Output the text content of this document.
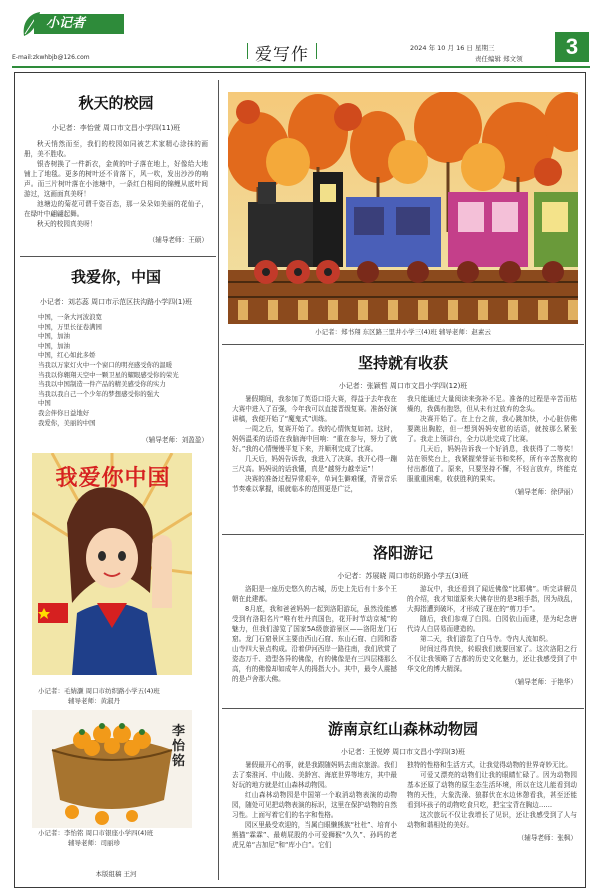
小记者
E-mail:zkwhbjb@126.com	爱写作	2024 年 10 月 16 日 星期三
责任编辑 郑文领	3
秋天的校园
小记者：李怡萱 周口市文昌小学四(11)班
秋天悄然而至，我们的校园如同被艺术家精心涂抹的画册，美不胜收。
银杏树换了一件新衣，金黄的叶子落在地上，好像给大地铺上了地毯。更多的树叶还不肯落下，风一吹，发出沙沙的响声。而三片树叶落在小池塘中，一条红白相间的锦鲤从底叶间游过，这画面真美呀！
池塘边的菊花可谓千姿百态，那一朵朵如美丽的花仙子，在绿叶中翩翩起舞。
秋天的校园真美呀！
（辅导老师：王硕）
我爱你，中国
小记者：刘芯蕊 周口市示范区扶沟路小学四(1)班
中国，一条大河波浪宽
中国，万里长征卷满园
中国，加油
中国，加油
中国，红心如此多娇
当我以万家灯火中一个窗口的明亮感受你的温暖
当我以你翱翔天空中一颗卫星的耀眼感受你的荣光
当我以中国制造一件产品的精美感受你的实力
当我以我自己一个少年的梦想感受你的强大
中国
我会伴你日益地好
我爱你，美丽的中国
（辅导老师：刘盈盈）
我爱你中国
小记者：毛婧灏 周口市纺织路小学五(4)班
辅导老师：黄淑丹
李怡铭
小记者：李怡铭 周口市银座小学四(4)班
辅导老师：司丽珍
本版组稿 王河
小记者：郑书翔 东区路三里井小学三(4)班 辅导老师：赵素云
坚持就有收获
小记者：张颖哲 周口市文昌小学四(12)班
暑假期间，我参加了英语口语大赛，得益于去年我在大赛中进入了百强，今年我可以直接晋级复赛。准备好演讲稿，我便开始了“魔鬼式”训练。
一周之后，复赛开始了。我的心情恢复如初。这时，妈妈温柔的话语在我脑海中回响：“重在参与，努力了就好。”我的心情慢慢平复下来，并顺利完成了比赛。
几天后，妈妈告诉我，我进入了决赛。我开心得一蹦三尺高。妈妈说的话我懂，真是“越努力越幸运”！
决赛的准备过程异常艰辛，单词生僻难懂，背景音乐节奏难以掌握，眼就临本的范围更是广泛，
我只能通过大量阅读来弥补不足。准备的过程是辛苦而枯燥的，我偶有抱怨，但从未有过放弃的念头。
决赛开始了。在上台之前，我心跳加快，小心脏仿佛要跳出胸腔，但一想到妈妈安慰的话语，就按那么紧张了。我走上领讲台，全力以赴完成了比赛。
几天后，妈妈告诉我一个好消息，我获得了二等奖！站在领奖台上，我紧握荣誉证书和奖杯，所有辛苦熬夜的付出都值了。原来，只要坚持不懈，不轻言放弃，终能克服重重困难，收获胜利的果实。
（辅导老师：徐伊丽）
洛阳游记
小记者：苏展晓 周口市纺织路小学五(3)班
洛阳是一座历史悠久的古城，历史上先后有十多个王朝在此建都。
8月底，我和爸爸妈妈一起到洛阳游玩，虽然没能感受到有洛阳名片“唯有牡丹真国色，花开时节动京城”的魅力，但我们游览了国家5A级旅游景区——洛阳龙门石窟。龙门石窟景区主要由西山石窟、东山石窟、白园和香山寺四大景点构成。沿着伊河西岸一路往南，我们欣赏了姿态万千、造型各异的佛像，有的佛像是有三四层楼那么高，有的佛像却如成年人的拇指大小。其中，最令人震撼的是卢舍那大佛。
游玩中，我还看到了闻近佛像“比耶佛”。听完讲解员的介绍，我才知道原来大佛存世的是3根手指，因为战乱，大拇指遭到破坏，才形成了现在的“剪刀手”。
随后，我们参观了白园。白园依山而建，是为纪念唐代诗人白居易而建造的。
第二天，我们游览了白马寺。寺内人流如织。
时间过得真快，转眼我们就要回家了。这次洛阳之行不仅让我领略了古都的历史文化魅力，还让我感受到了中华文化的博大精深。
（辅导老师：于艳华）
游南京红山森林动物园
小记者：王悦婷 周口市文昌小学四(3)班
暑假最开心的事，就是我跟随妈妈去南京旅游。我们去了秦淮河、中山陵、美龄宫、海底世界等地方，其中最好玩的地方就是红山森林动物园。
红山森林动物园是中国第一个取消动物表演的动物园，随处可见把动物表演的标识，这里在保护动物的自然习性。上面写着它们的名字和性格。
园区里最受欢迎的，当属白眼懒熊族“杜杜”、培育小熊猫“霖霖”、最萌屁股的小可爱狮猴“久久”、孙吗的老虎兄弟“吉加尼”和“库小白”。它们
独特的性格和生活方式，让我觉得动物的世界奇妙无比。
可爱又漂亮的动物们让我的眼睛忙碌了。因为动物园基本还原了动物的原生态生活环境，所以在这儿能看到动物的天性，大象洗澡、狼群伏在水边休憩看我，甚至还能看到坏孩子的动物吃食只吃，把宝宝背在胸边……
这次旅玩不仅让我增长了见识，还让我感受到了人与动物和谐相处的美好。
（辅导老师：张枫）
